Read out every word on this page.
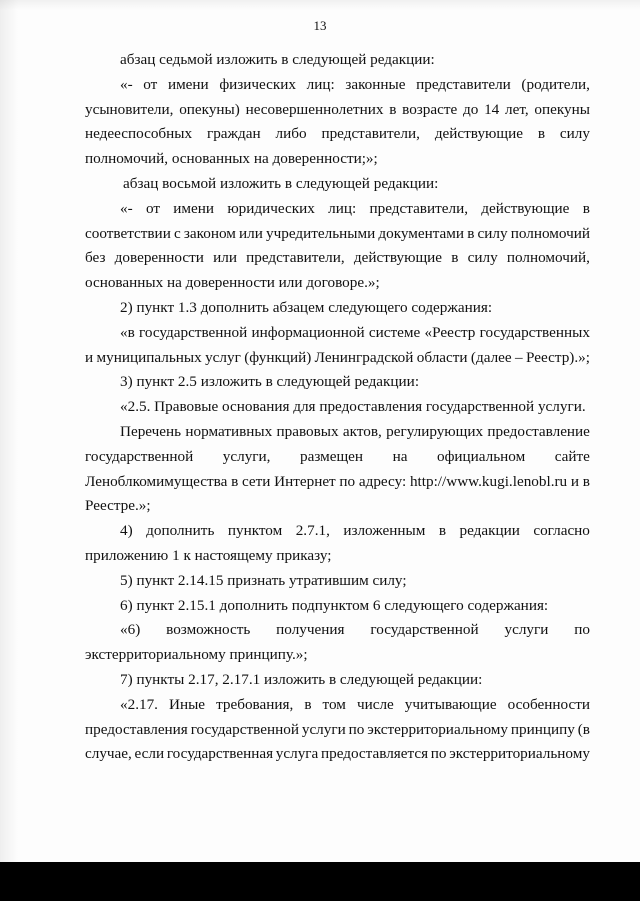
13
абзац седьмой изложить в следующей редакции:
«- от имени физических лиц: законные представители (родители,
усыновители, опекуны) несовершеннолетних в возрасте до 14 лет, опекуны
недееспособных граждан либо представители, действующие в силу
полномочий, основанных на доверенности;»;
абзац восьмой изложить в следующей редакции:
«- от имени юридических лиц: представители, действующие в
соответствии с законом или учредительными документами в силу полномочий
без доверенности или представители, действующие в силу полномочий,
основанных на доверенности или договоре.»;
2) пункт 1.3 дополнить абзацем следующего содержания:
«в государственной информационной системе «Реестр государственных
и муниципальных услуг (функций) Ленинградской области (далее – Реестр).»;
3) пункт 2.5 изложить в следующей редакции:
«2.5. Правовые основания для предоставления государственной услуги.
Перечень нормативных правовых актов, регулирующих предоставление
государственной услуги, размещен на официальном сайте
Леноблкомимущества в сети Интернет по адресу: http://www.kugi.lenobl.ru и в
Реестре.»;
4) дополнить пунктом 2.7.1, изложенным в редакции согласно
приложению 1 к настоящему приказу;
5) пункт 2.14.15 признать утратившим силу;
6) пункт 2.15.1 дополнить подпунктом 6 следующего содержания:
«6) возможность получения государственной услуги по
экстерриториальному принципу.»;
7) пункты 2.17, 2.17.1 изложить в следующей редакции:
«2.17. Иные требования, в том числе учитывающие особенности
предоставления государственной услуги по экстерриториальному принципу (в
случае, если государственная услуга предоставляется по экстерриториальному
